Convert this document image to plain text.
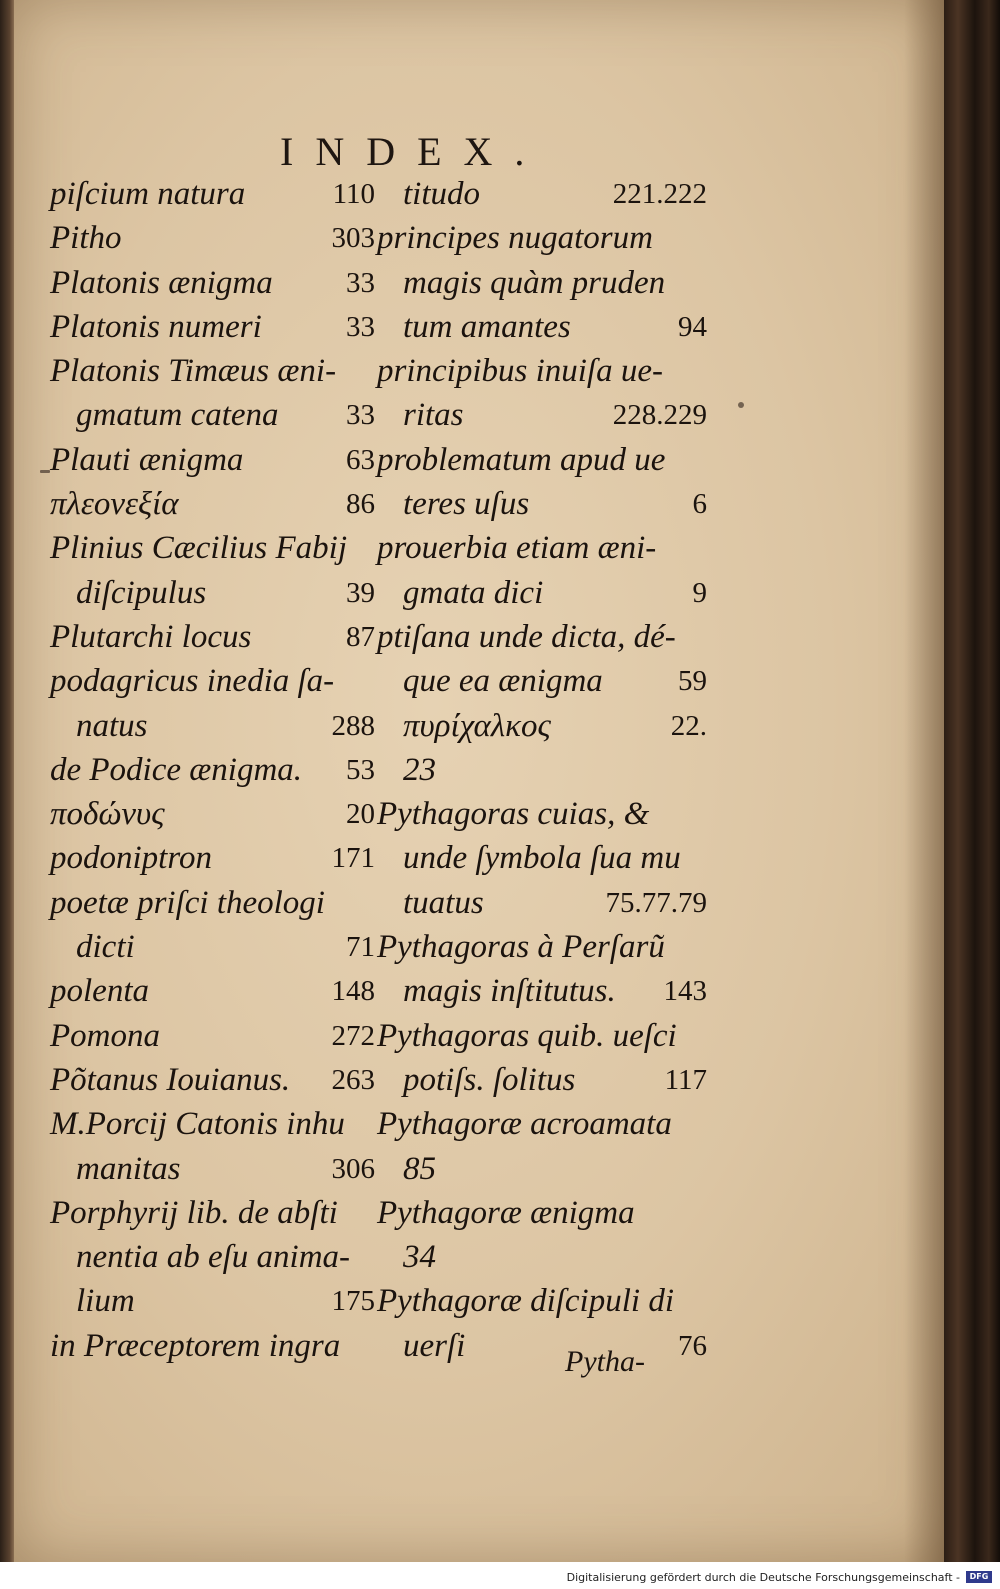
INDEX.
piſcium natura	110
Pitho	303
Platonis ænigma	33
Platonis numeri	33
Platonis Timæus æni-
gmatum catena 33
Plauti ænigma	63
πλεονεξία	86
Plinius Cæcilius Fabij
diſcipulus	39
Plutarchi locus	87
podagricus inedia ſa-
natus	288
de Podice ænigma. 53
ποδώνυς	20
podoniptron	171
poetæ priſci theologi
dicti	71
polenta	148
Pomona	272
Põtanus Iouianus. 263
M.Porcij Catonis inhu
manitas	306
Porphyrij lib. de abſti
nentia ab eſu anima-
lium	175
in Præceptorem ingra
titudo	221.222
principes nugatorum
magis quàm pruden
tum amantes	94
principibus inuiſa ue-
ritas	228.229
problematum apud ue
teres uſus	6
prouerbia etiam æni-
gmata dici	9
ptiſana unde dicta, dé-
que ea ænigma	59
πυρίχαλκος	22.
23
Pythagoras cuias, &
unde ſymbola ſua mu
tuatus	75.77.79
Pythagoras à Perſarũ
magis inſtitutus. 143
Pythagoras quib. ueſci
potiſs. ſolitus	117
Pythagoræ acroamata
85
Pythagoræ ænigma
34
Pythagoræ diſcipuli di
uerſi	76
Pytha-
Digitalisierung gefördert durch die Deutsche Forschungsgemeinschaft -	DFG
